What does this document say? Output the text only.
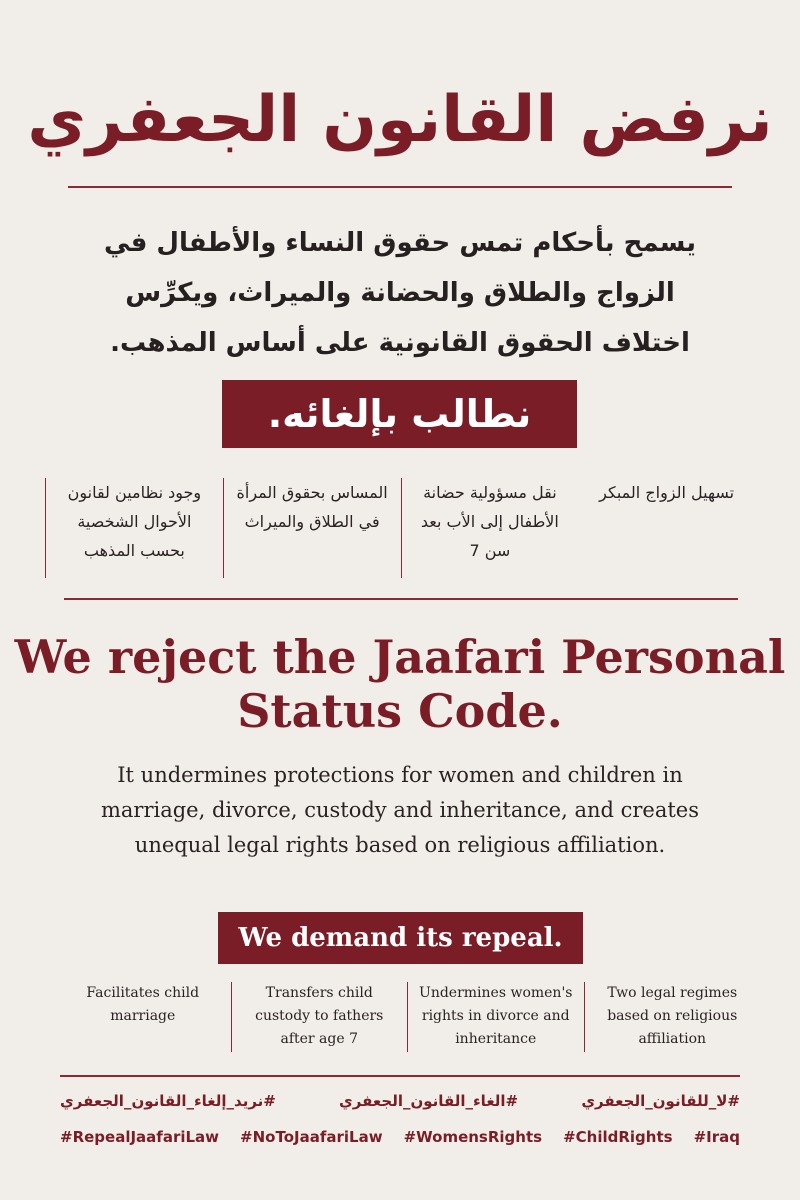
نرفض القانون الجعفري
يسمح بأحكام تمس حقوق النساء والأطفال في الزواج والطلاق والحضانة والميراث، ويكرِّس اختلاف الحقوق القانونية على أساس المذهب.
نطالب بإلغائه.
وجود نظامين لقانون الأحوال الشخصية بحسب المذهب
المساس بحقوق المرأة في الطلاق والميراث
نقل مسؤولية حضانة الأطفال إلى الأب بعد سن 7
تسهيل الزواج المبكر
We reject the Jaafari Personal Status Code.
It undermines protections for women and children in marriage, divorce, custody and inheritance, and creates unequal legal rights based on religious affiliation.
We demand its repeal.
Facilitates child marriage
Transfers child custody to fathers after age 7
Undermines women's rights in divorce and inheritance
Two legal regimes based on religious affiliation
#نريد_إلغاء_القانون_الجعفري	#الغاء_القانون_الجعفري	#لا_للقانون_الجعفري
#RepealJaafariLaw #NoToJaafariLaw #WomensRights #ChildRights #Iraq
